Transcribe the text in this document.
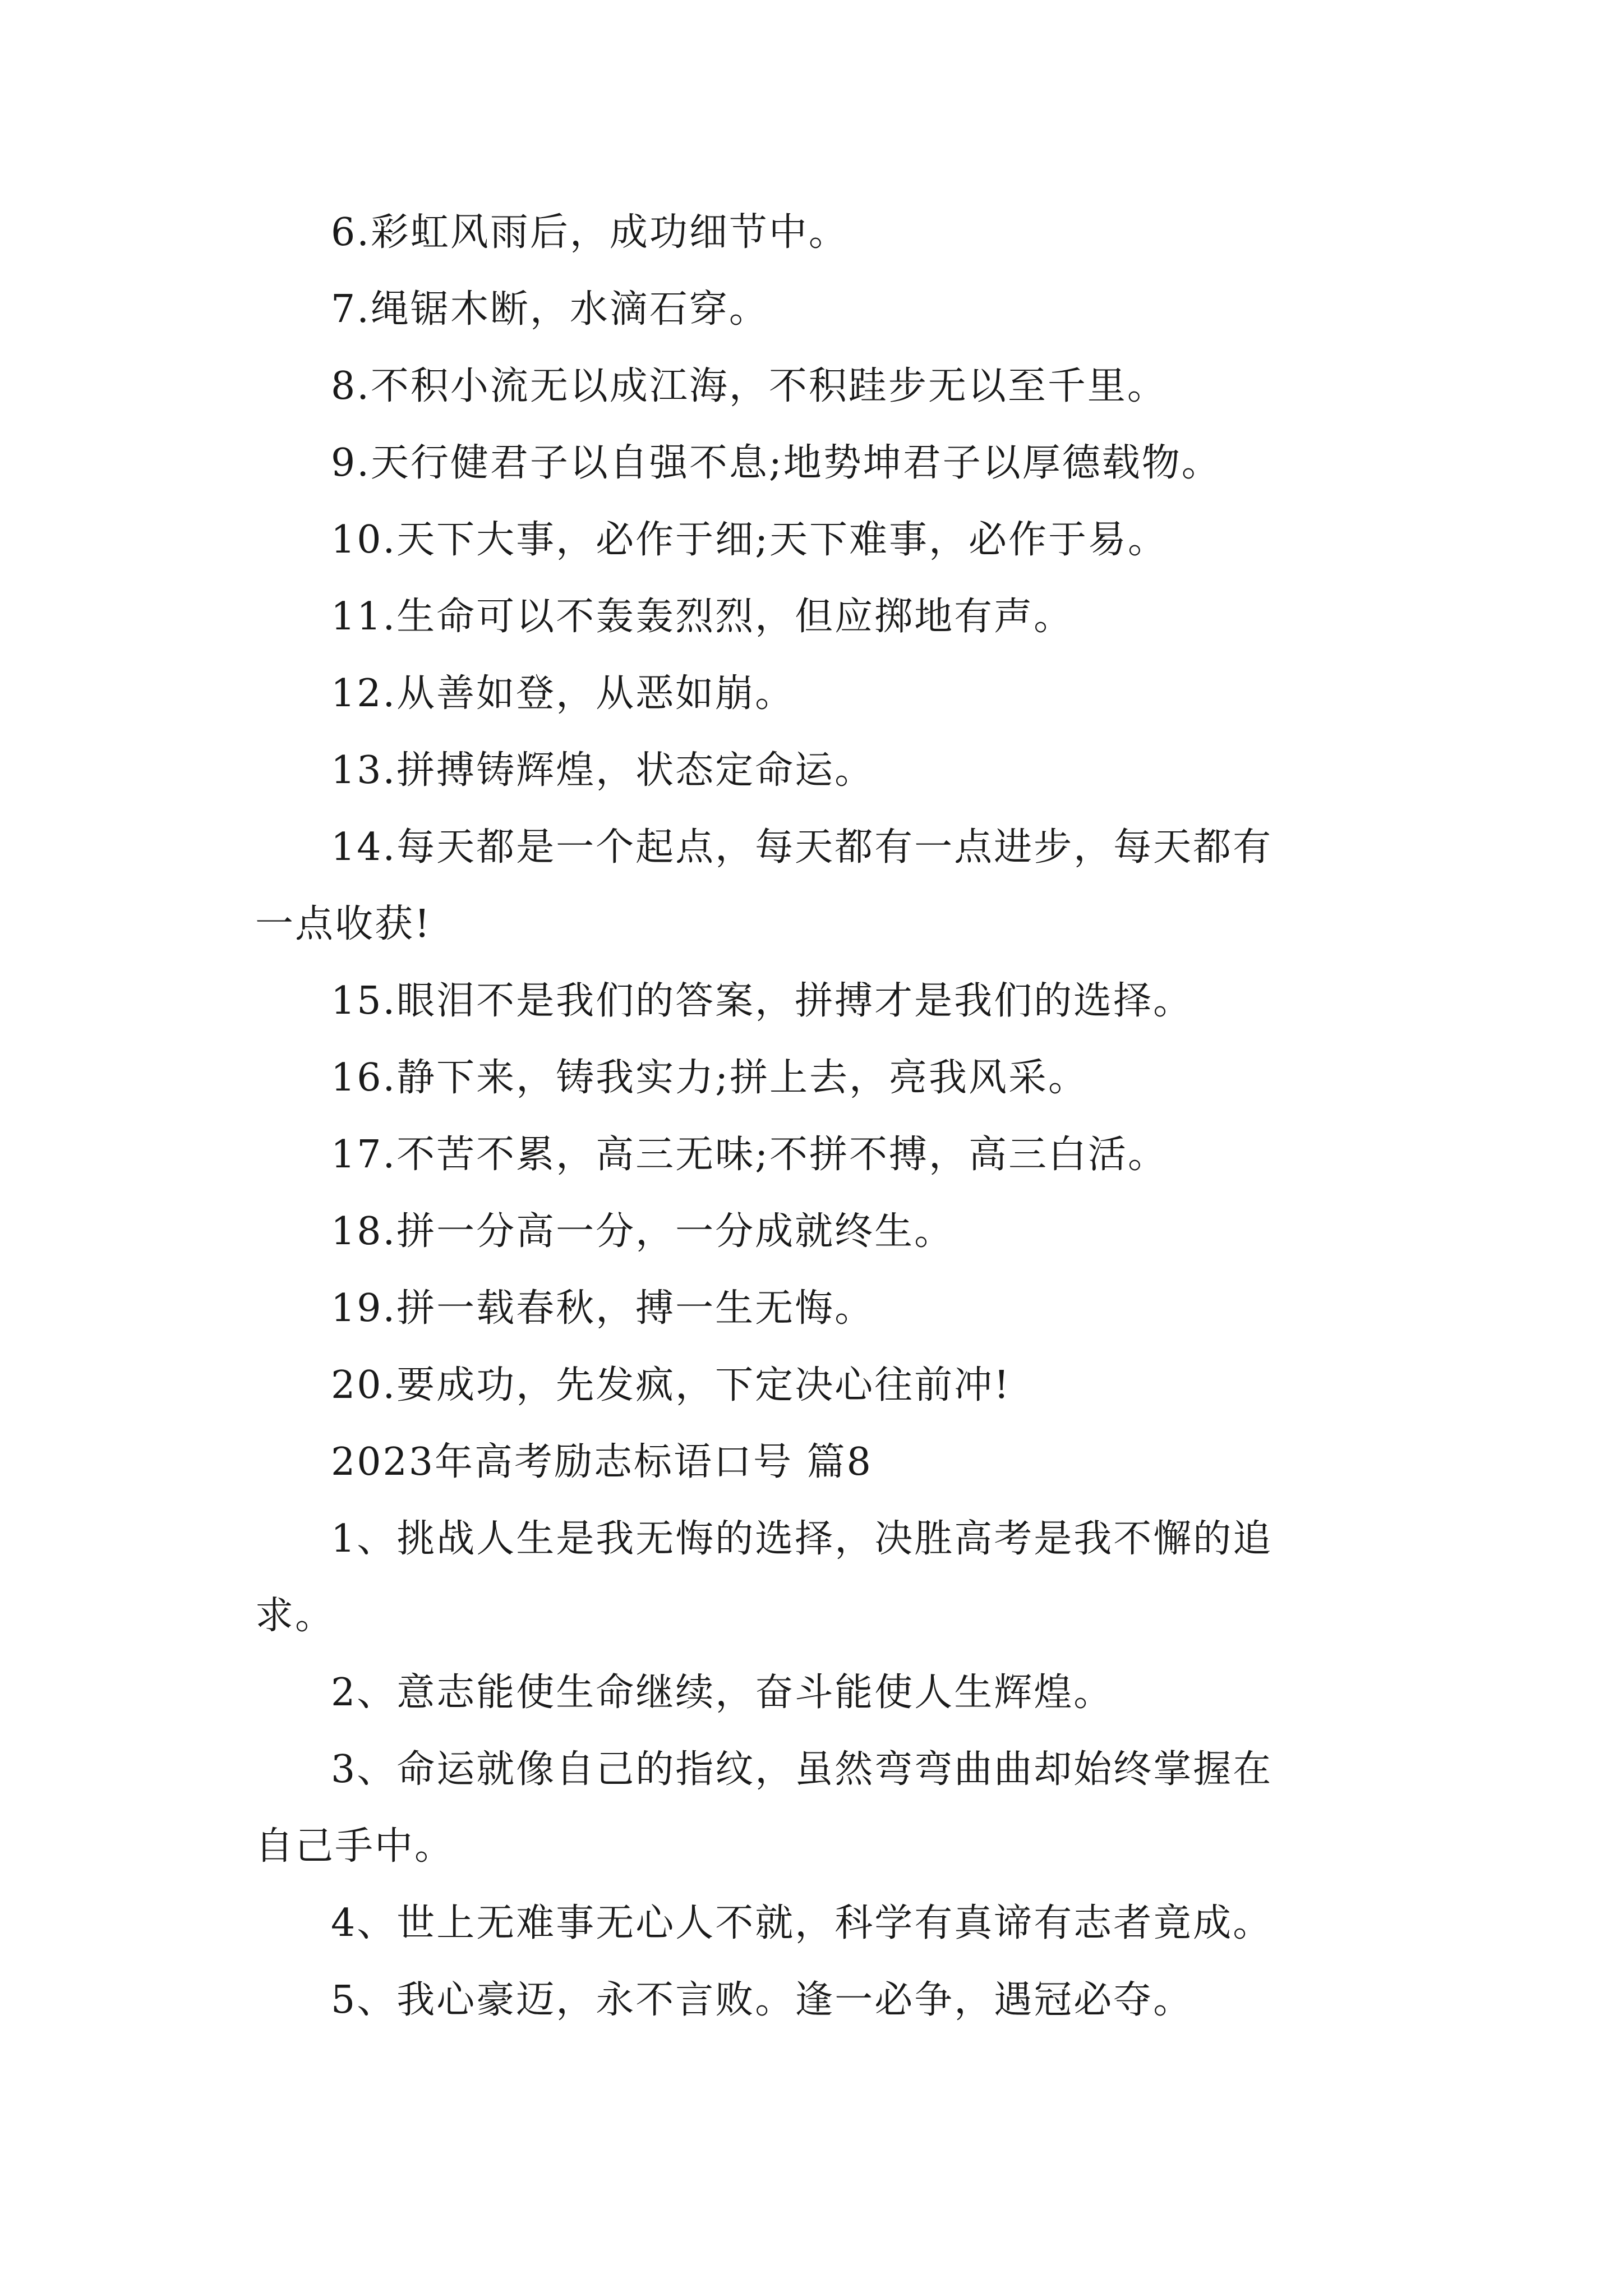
6.彩虹风雨后，成功细节中。

7.绳锯木断，水滴石穿。

8.不积小流无以成江海，不积跬步无以至千里。

9.天行健君子以自强不息;地势坤君子以厚德载物。

10.天下大事，必作于细;天下难事，必作于易。

11.生命可以不轰轰烈烈，但应掷地有声。

12.从善如登，从恶如崩。

13.拼搏铸辉煌，状态定命运。

14.每天都是一个起点，每天都有一点进步，每天都有

一点收获!

15.眼泪不是我们的答案，拼搏才是我们的选择。

16.静下来，铸我实力;拼上去，亮我风采。

17.不苦不累，高三无味;不拼不搏，高三白活。

18.拼一分高一分，一分成就终生。

19.拼一载春秋，搏一生无悔。

20.要成功，先发疯，下定决心往前冲!

2023年高考励志标语口号 篇8

1、挑战人生是我无悔的选择，决胜高考是我不懈的追

求。

2、意志能使生命继续，奋斗能使人生辉煌。

3、命运就像自己的指纹，虽然弯弯曲曲却始终掌握在

自己手中。

4、世上无难事无心人不就，科学有真谛有志者竟成。

5、我心豪迈，永不言败。逢一必争，遇冠必夺。
